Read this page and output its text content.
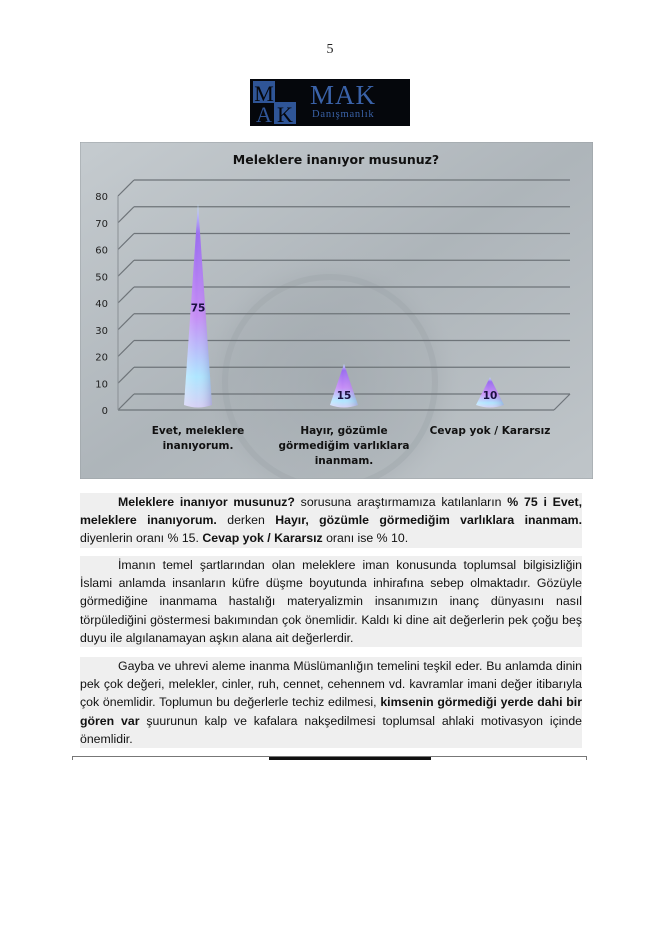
5
M
A K
MAK
Danışmanlık
Meleklere inanıyor musunuz?
0
10
20
30
40
50
60
70
80
75
15	10
Evet, meleklere
inanıyorum.
Hayır, gözümle
görmediğim varlıklara
inanmam.
Cevap yok / Kararsız

Meleklere inanıyor musunuz? sorusuna araştırmamıza katılanların % 75 i Evet, meleklere inanıyorum. derken Hayır, gözümle görmediğim varlıklara inanmam. diyenlerin oranı % 15. Cevap yok / Kararsız oranı ise % 10.

İmanın temel şartlarından olan meleklere iman konusunda toplumsal bilgisizliğin İslami anlamda insanların küfre düşme boyutunda inhirafına sebep olmaktadır. Gözüyle görmediğine inanmama hastalığı materyalizmin insanımızın inanç dünyasını nasıl törpülediğini göstermesi bakımından çok önemlidir. Kaldı ki dine ait değerlerin pek çoğu beş duyu ile algılanamayan aşkın alana ait değerlerdir.

Gayba ve uhrevi aleme inanma Müslümanlığın temelini teşkil eder. Bu anlamda dinin pek çok değeri, melekler, cinler, ruh, cennet, cehennem vd. kavramlar imani değer itibarıyla çok önemlidir. Toplumun bu değerlerle techiz edilmesi, kimsenin görmediği yerde dahi bir gören var şuurunun kalp ve kafalara nakşedilmesi toplumsal ahlaki motivasyon içinde önemlidir.
